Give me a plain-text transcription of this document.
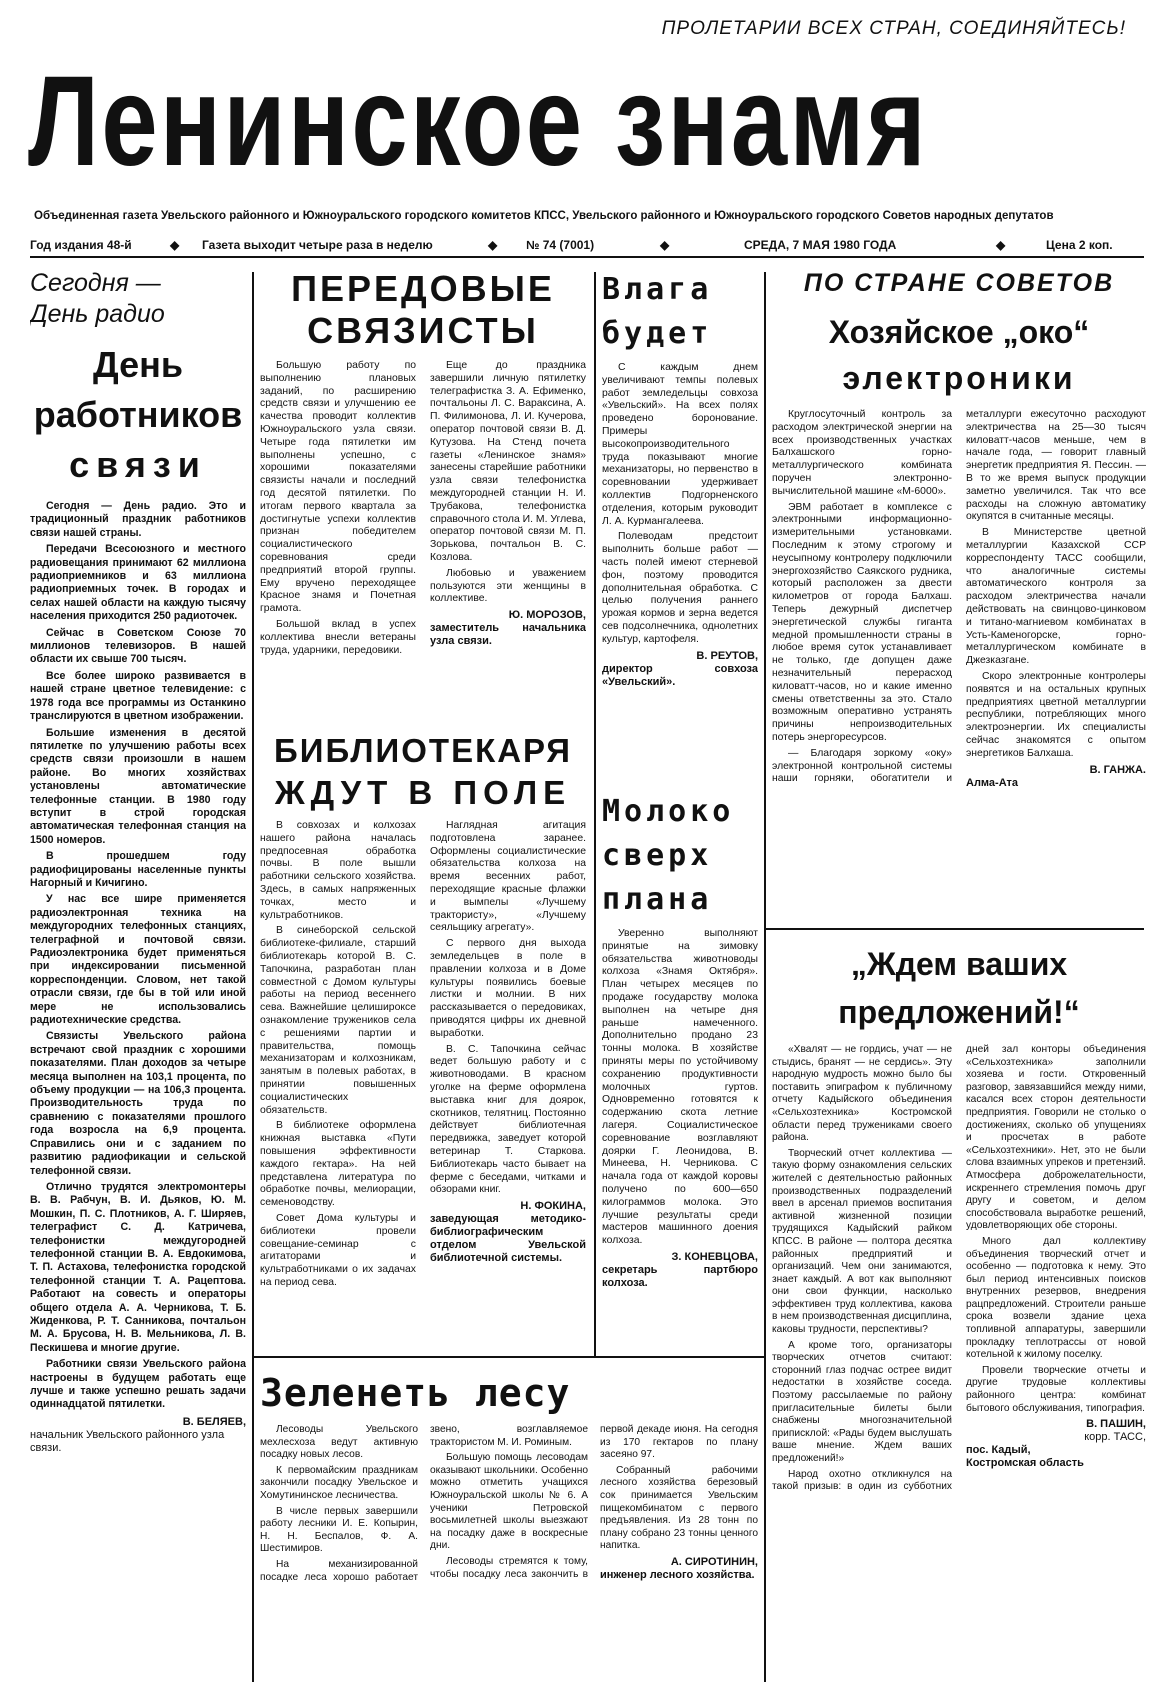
ПРОЛЕТАРИИ ВСЕХ СТРАН, СОЕДИНЯЙТЕСЬ!
Ленинское знамя
Объединенная газета Увельского районного и Южноуральского городского комитетов КПСС, Увельского районного и Южноуральского городского Советов народных депутатов
Год издания 48-й	◆ Газета выходит четыре раза в неделю	◆ № 74 (7001)	◆	СРЕДА, 7 МАЯ 1980 ГОДА	◆	Цена 2 коп.
Сегодня —
День радио
День
работников
связи

Сегодня — День радио. Это и традиционный праздник работников связи нашей страны.

Передачи Всесоюзного и местного радиовещания принимают 62 миллиона радиоприемников и 63 миллиона радиоприемных точек. В городах и селах нашей области на каждую тысячу населения приходится 250 радиоточек.

Сейчас в Советском Союзе 70 миллионов телевизоров. В нашей области их свыше 700 тысяч.

Все более широко развивается в нашей стране цветное телевидение: с 1978 года все программы из Останкино транслируются в цветном изображении.

Большие изменения в десятой пятилетке по улучшению работы всех средств связи произошли в нашем районе. Во многих хозяйствах установлены автоматические телефонные станции. В 1980 году вступит в строй городская автоматическая телефонная станция на 1500 номеров.

В прошедшем году радиофицированы населенные пункты Нагорный и Кичигино.

У нас все шире применяется радиоэлектронная техника на междугородних телефонных станциях, телеграфной и почтовой связи. Радиоэлектроника будет применяться при индексировании письменной корреспонденции. Словом, нет такой отрасли связи, где бы в той или иной мере не использовались радиотехнические средства.

Связисты Увельского района встречают свой праздник с хорошими показателями. План доходов за четыре месяца выполнен на 103,1 процента, по объему продукции — на 106,3 процента. Производительность труда по сравнению с показателями прошлого года возросла на 6,9 процента. Справились они и с заданием по развитию радиофикации и сельской телефонной связи.

Отлично трудятся электромонтеры В. В. Рабчун, В. И. Дьяков, Ю. М. Мошкин, П. С. Плотников, А. Г. Ширяев, телеграфист С. Д. Катричева, телефонистки междугородней телефонной станции В. А. Евдокимова, Т. П. Астахова, телефонистка городской телефонной станции Т. А. Рацептова. Работают на совесть и операторы общего отдела А. А. Черникова, Т. Б. Жиденкова, Р. Т. Санникова, почтальон М. А. Брусова, Н. В. Мельникова, Л. В. Пескишева и многие другие.

Работники связи Увельского района настроены в будущем работать еще лучше и также успешно решать задачи одиннадцатой пятилетки.

В. БЕЛЯЕВ,
начальник Увельского районного узла связи.
ПЕРЕДОВЫЕ
СВЯЗИСТЫ

Большую работу по выполнению плановых заданий, по расширению средств связи и улучшению ее качества проводит коллектив Южноуральского узла связи. Четыре года пятилетки им выполнены успешно, с хорошими показателями связисты начали и последний год десятой пятилетки. По итогам первого квартала за достигнутые успехи коллектив признан победителем социалистического соревнования среди предприятий второй группы. Ему вручено переходящее Красное знамя и Почетная грамота.

Большой вклад в успех коллектива внесли ветераны труда, ударники, передовики.

Еще до праздника завершили личную пятилетку телеграфистка З. А. Ефименко, почтальоны Л. С. Вараксина, А. П. Филимонова, Л. И. Кучерова, оператор почтовой связи В. Д. Кутузова. На Стенд почета газеты «Ленинское знамя» занесены старейшие работники узла связи телефонистка междугородней станции Н. И. Трубакова, телефонистка справочного стола И. М. Углева, оператор почтовой связи М. П. Зорькова, почтальон В. С. Козлова.

Любовью и уважением пользуются эти женщины в коллективе.

Ю. МОРОЗОВ,
заместитель начальника узла связи.
БИБЛИОТЕКАРЯ
ЖДУТ В ПОЛЕ

В совхозах и колхозах нашего района началась предпосевная обработка почвы. В поле вышли работники сельского хозяйства. Здесь, в самых напряженных точках, место и культработников.

В синеборской сельской библиотеке-филиале, старший библиотекарь которой В. С. Тапочкина, разработан план совместной с Домом культуры работы на период весеннего сева. Важнейшие целишироксе ознакомление тружеников села с решениями партии и правительства, помощь механизаторам и колхозникам, занятым в полевых работах, в принятии повышенных социалистических обязательств.

В библиотеке оформлена книжная выставка «Пути повышения эффективности каждого гектара». На ней представлена литература по обработке почвы, мелиорации, семеноводству.

Совет Дома культуры и библиотеки провели совещание-семинар с агитаторами и культработниками о их задачах на период сева.

Наглядная агитация подготовлена заранее. Оформлены социалистические обязательства колхоза на время весенних работ, переходящие красные флажки и вымпелы «Лучшему трактористу», «Лучшему сеяльщику агрегату».

С первого дня выхода земледельцев в поле в правлении колхоза и в Доме культуры появились боевые листки и молнии. В них рассказывается о передовиках, приводятся цифры их дневной выработки.

В. С. Тапочкина сейчас ведет большую работу и с животноводами. В красном уголке на ферме оформлена выставка книг для доярок, скотников, телятниц. Постоянно действует библиотечная передвижка, заведует которой ветеринар Т. Старкова. Библиотекарь часто бывает на ферме с беседами, читками и обзорами книг.

Н. ФОКИНА,
заведующая методико-библиографическим отделом Увельской библиотечной системы.
Влага
будет

С каждым днем увеличивают темпы полевых работ земледельцы совхоза «Увельский». На всех полях проведено боронование. Примеры высокопроизводительного труда показывают многие механизаторы, но первенство в соревновании удерживает коллектив Подгорненского отделения, которым руководит Л. А. Курмангалеева.

Полеводам предстоит выполнить больше работ — часть полей имеют стерневой фон, поэтому проводится дополнительная обработка. С целью получения раннего урожая кормов и зерна ведется сев подсолнечника, однолетних культур, картофеля.

В. РЕУТОВ,
директор совхоза «Увельский».
Молоко
сверх
плана

Уверенно выполняют принятые на зимовку обязательства животноводы колхоза «Знамя Октября». План четырех месяцев по продаже государству молока выполнен на четыре дня раньше намеченного. Дополнительно продано 23 тонны молока. В хозяйстве приняты меры по устойчивому сохранению продуктивности молочных гуртов. Одновременно готовятся к содержанию скота летние лагеря. Социалистическое соревнование возглавляют доярки Г. Леонидова, В. Минеева, Н. Черникова. С начала года от каждой коровы получено по 600—650 килограммов молока. Это лучшие результаты среди мастеров машинного доения колхоза.

З. КОНЕВЦОВА,
секретарь партбюро колхоза.
Зеленеть лесу

Лесоводы Увельского мехлесхоза ведут активную посадку новых лесов.

К первомайским праздникам закончили посадку Увельское и Хомутининское лесничества.

В числе первых завершили работу лесники И. Е. Копырин, Н. Н. Беспалов, Ф. А. Шестимиров.

На механизированной посадке леса хорошо работает звено, возглавляемое трактористом М. И. Роминым.

Большую помощь лесоводам оказывают школьники. Особенно можно отметить учащихся Южноуральской школы № 6. А ученики Петровской восьмилетней школы выезжают на посадку даже в воскресные дни.

Лесоводы стремятся к тому, чтобы посадку леса закончить в первой декаде июня. На сегодня из 170 гектаров по плану засеяно 97.

Собранный рабочими лесного хозяйства березовый сок принимается Увельским пищекомбинатом с первого предъявления. Из 28 тонн по плану собрано 23 тонны ценного напитка.

А. СИРОТИНИН,
инженер лесного хозяйства.
ПО СТРАНЕ СОВЕТОВ
Хозяйское „око“
электроники

Круглосуточный контроль за расходом электрической энергии на всех производственных участках Балхашского горно-металлургического комбината поручен электронно-вычислительной машине «М-6000».

ЭВМ работает в комплексе с электронными информационно-измерительными установками. Последним к этому строгому и неусыпному контролеру подключили энергохозяйство Саякского рудника, который расположен за двести километров от города Балхаш. Теперь дежурный диспетчер энергетической службы гиганта медной промышленности страны в любое время суток устанавливает не только, где допущен даже незначительный перерасход киловатт-часов, но и какие именно смены ответственны за это. Стало возможным оперативно устранять причины непроизводительных потерь энергоресурсов.

— Благодаря зоркому «оку» электронной контрольной системы наши горняки, обогатители и металлурги ежесуточно расходуют электричества на 25—30 тысяч киловатт-часов меньше, чем в начале года, — говорит главный энергетик предприятия Я. Пессин. — В то же время выпуск продукции заметно увеличился. Так что все расходы на сложную автоматику окупятся в считанные месяцы.

В Министерстве цветной металлургии Казахской ССР корреспонденту ТАСС сообщили, что аналогичные системы автоматического контроля за расходом электричества начали действовать на свинцово-цинковом и титано-магниевом комбинатах в Усть-Каменогорске, горно-металлургическом комбинате в Джезказгане.

Скоро электронные контролеры появятся и на остальных крупных предприятиях цветной металлургии республики, потребляющих много электроэнергии. Их специалисты сейчас знакомятся с опытом энергетиков Балхаша.

В. ГАНЖА.
Алма-Ата
„Ждем ваших
предложений!“

«Хвалят — не гордись, учат — не стыдись, бранят — не сердись». Эту народную мудрость можно было бы поставить эпиграфом к публичному отчету Кадыйского объединения «Сельхозтехника» Костромской области перед тружениками своего района.

Творческий отчет коллектива — такую форму ознакомления сельских жителей с деятельностью районных производственных подразделений ввел в арсенал приемов воспитания активной жизненной позиции трудящихся Кадыйский райком КПСС. В районе — полтора десятка районных предприятий и организаций. Чем они занимаются, знает каждый. А вот как выполняют они свои функции, насколько эффективен труд коллектива, какова в нем производственная дисциплина, каковы трудности, перспективы?

А кроме того, организаторы творческих отчетов считают: сторонний глаз подчас острее видит недостатки в хозяйстве соседа. Поэтому рассылаемые по району пригласительные билеты были снабжены многозначительной приписклой: «Рады будем выслушать ваше мнение. Ждем ваших предложений!»

Народ охотно откликнулся на такой призыв: в один из субботних дней зал конторы объединения «Сельхозтехника» заполнили хозяева и гости. Откровенный разговор, завязавшийся между ними, касался всех сторон деятельности предприятия. Говорили не столько о достижениях, сколько об упущениях и просчетах в работе «Сельхозтехники». Нет, это не были слова взаимных упреков и претензий. Атмосфера доброжелательности, искреннего стремления помочь друг другу и советом, и делом способствовала выработке решений, удовлетворяющих обе стороны.

Много дал коллективу объединения творческий отчет и особенно — подготовка к нему. Это был период интенсивных поисков внутренних резервов, внедрения рацпредложений. Строители раньше срока возвели здание цеха топливной аппаратуры, завершили прокладку теплотрассы от новой котельной к жилому поселку.

Провели творческие отчеты и другие трудовые коллективы районного центра: комбинат бытового обслуживания, типография.

В. ПАШИН,
корр. ТАСС,
пос. Кадый,
Костромская область
